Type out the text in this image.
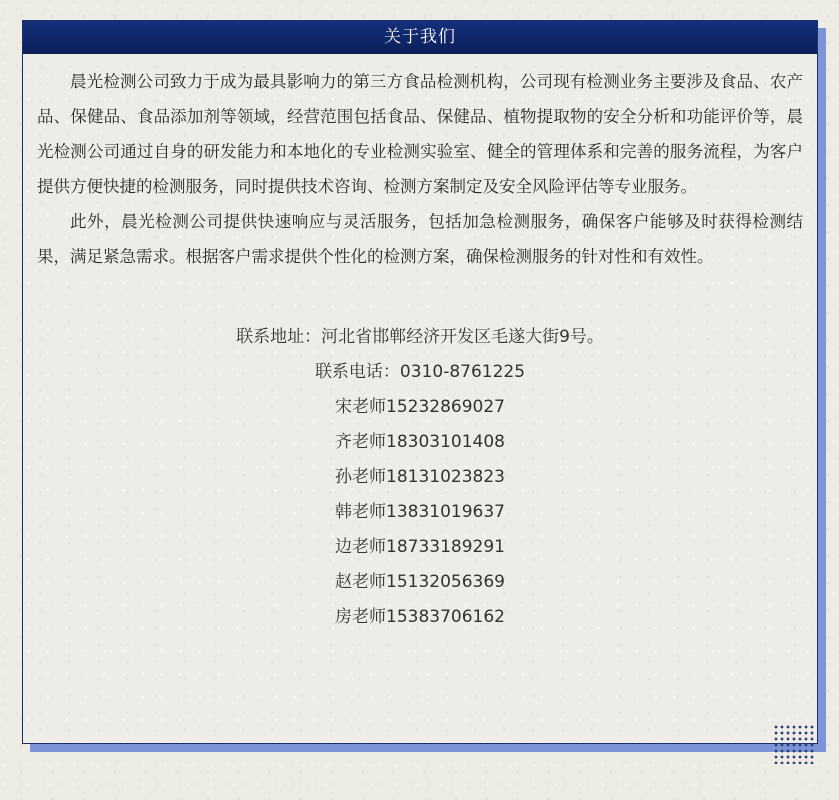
关于我们

晨光检测公司致力于成为最具影响力的第三方食品检测机构，公司现有检测业务主要涉及食品、农产品、保健品、食品添加剂等领域，经营范围包括食品、保健品、植物提取物的安全分析和功能评价等，晨光检测公司通过自身的研发能力和本地化的专业检测实验室、健全的管理体系和完善的服务流程，为客户提供方便快捷的检测服务，同时提供技术咨询、检测方案制定及安全风险评估等专业服务。

此外，晨光检测公司提供快速响应与灵活服务，包括加急检测服务，确保客户能够及时获得检测结果，满足紧急需求。根据客户需求提供个性化的检测方案，确保检测服务的针对性和有效性。

联系地址：河北省邯郸经济开发区毛遂大街9号。
联系电话：0310-8761225
宋老师15232869027
齐老师18303101408
孙老师18131023823
韩老师13831019637
边老师18733189291
赵老师15132056369
房老师15383706162
